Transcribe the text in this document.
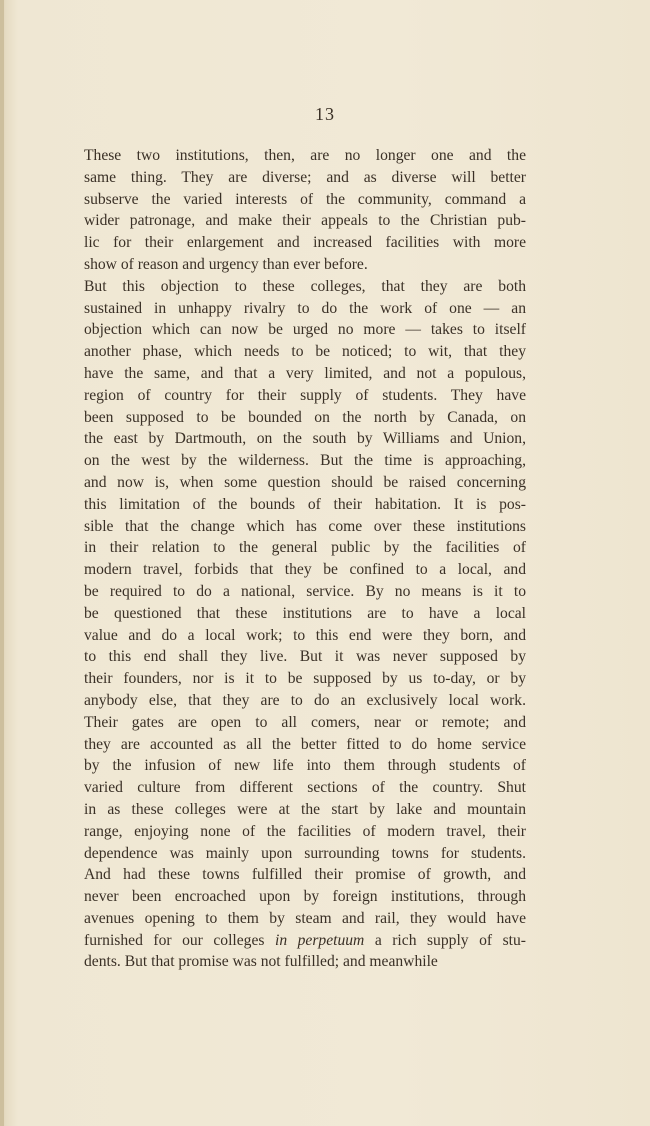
13
These two institutions, then, are no longer one and the
same thing. They are diverse; and as diverse will better
subserve the varied interests of the community, command a
wider patronage, and make their appeals to the Christian pub-
lic for their enlargement and increased facilities with more
show of reason and urgency than ever before.
But this objection to these colleges, that they are both
sustained in unhappy rivalry to do the work of one — an
objection which can now be urged no more — takes to itself
another phase, which needs to be noticed; to wit, that they
have the same, and that a very limited, and not a populous,
region of country for their supply of students. They have
been supposed to be bounded on the north by Canada, on
the east by Dartmouth, on the south by Williams and Union,
on the west by the wilderness. But the time is approaching,
and now is, when some question should be raised concerning
this limitation of the bounds of their habitation. It is pos-
sible that the change which has come over these institutions
in their relation to the general public by the facilities of
modern travel, forbids that they be confined to a local, and
be required to do a national, service. By no means is it to
be questioned that these institutions are to have a local
value and do a local work; to this end were they born, and
to this end shall they live. But it was never supposed by
their founders, nor is it to be supposed by us to-day, or by
anybody else, that they are to do an exclusively local work.
Their gates are open to all comers, near or remote; and
they are accounted as all the better fitted to do home service
by the infusion of new life into them through students of
varied culture from different sections of the country. Shut
in as these colleges were at the start by lake and mountain
range, enjoying none of the facilities of modern travel, their
dependence was mainly upon surrounding towns for students.
And had these towns fulfilled their promise of growth, and
never been encroached upon by foreign institutions, through
avenues opening to them by steam and rail, they would have
furnished for our colleges in perpetuum a rich supply of stu-
dents. But that promise was not fulfilled; and meanwhile
